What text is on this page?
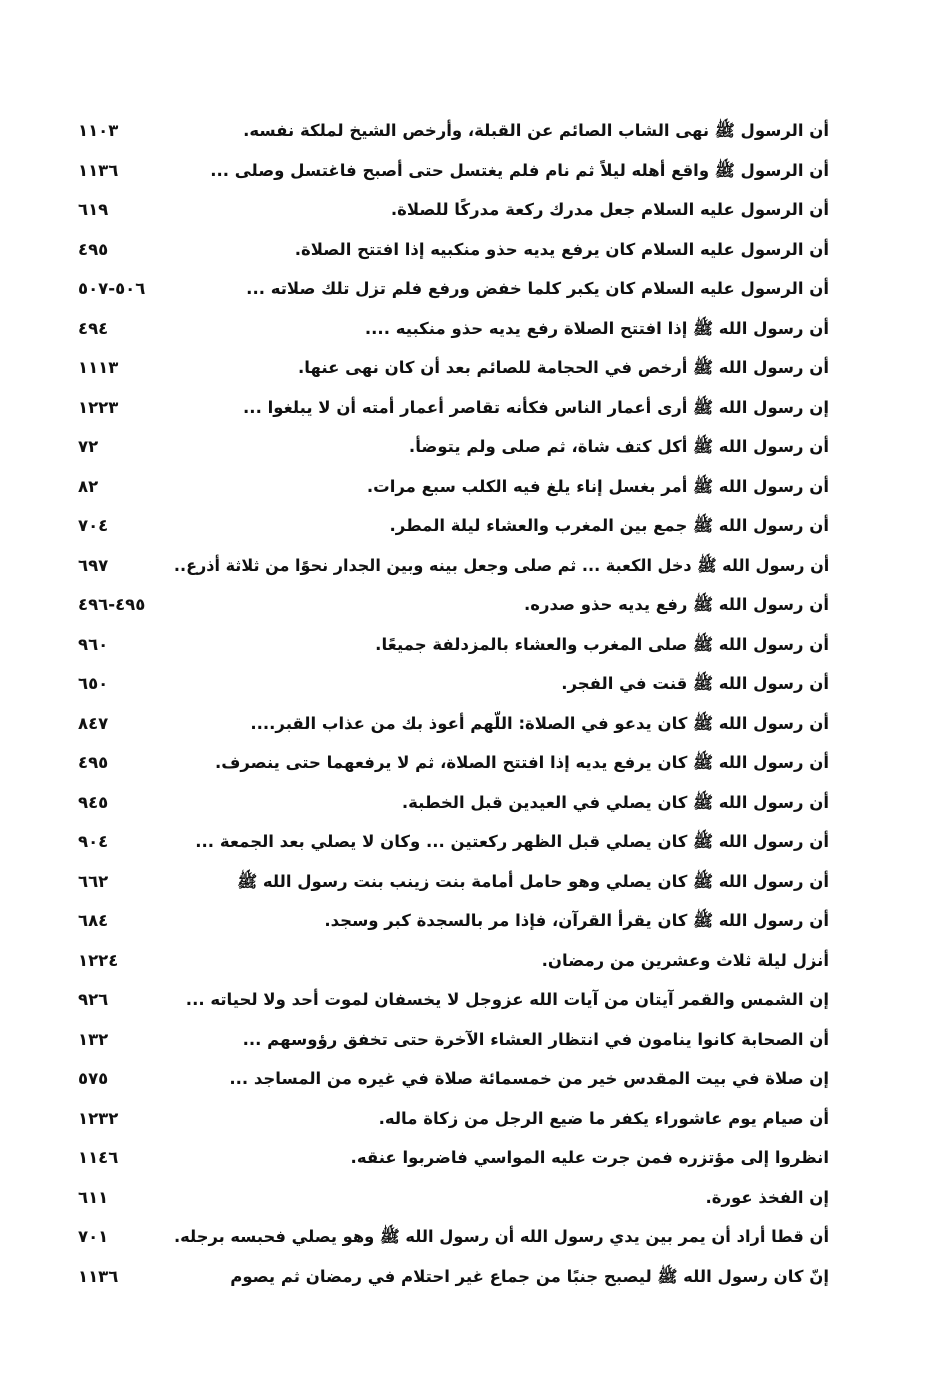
أن الرسول ﷺ نهى الشاب الصائم عن القبلة، وأرخص الشيخ لملكة نفسه.
١١٠٣
أن الرسول ﷺ واقع أهله ليلاً ثم نام فلم يغتسل حتى أصبح فاغتسل وصلى ...
١١٣٦
أن الرسول عليه السلام جعل مدرك ركعة مدركًا للصلاة.
٦١٩
أن الرسول عليه السلام كان يرفع يديه حذو منكبيه إذا افتتح الصلاة.
٤٩٥
أن الرسول عليه السلام كان يكبر كلما خفض ورفع فلم تزل تلك صلاته ...
٥٠٦-٥٠٧
أن رسول الله ﷺ إذا افتتح الصلاة رفع يديه حذو منكبيه ....
٤٩٤
أن رسول الله ﷺ أرخص في الحجامة للصائم بعد أن كان نهى عنها.
١١١٣
إن رسول الله ﷺ أرى أعمار الناس فكأنه تقاصر أعمار أمته أن لا يبلغوا ...
١٢٢٣
أن رسول الله ﷺ أكل كتف شاة، ثم صلى ولم يتوضأ.
٧٢
أن رسول الله ﷺ أمر بغسل إناء يلغ فيه الكلب سبع مرات.
٨٢
أن رسول الله ﷺ جمع بين المغرب والعشاء ليلة المطر.
٧٠٤
أن رسول الله ﷺ دخل الكعبة ... ثم صلى وجعل بينه وبين الجدار نحوًا من ثلاثة أذرع..
٦٩٧
أن رسول الله ﷺ رفع يديه حذو صدره.
٤٩٥-٤٩٦
أن رسول الله ﷺ صلى المغرب والعشاء بالمزدلفة جميعًا.
٩٦٠
أن رسول الله ﷺ قنت في الفجر.
٦٥٠
أن رسول الله ﷺ كان يدعو في الصلاة: اللّهم أعوذ بك من عذاب القبر....
٨٤٧
أن رسول الله ﷺ كان يرفع يديه إذا افتتح الصلاة، ثم لا يرفعهما حتى ينصرف.
٤٩٥
أن رسول الله ﷺ كان يصلي في العيدين قبل الخطبة.
٩٤٥
أن رسول الله ﷺ كان يصلي قبل الظهر ركعتين ... وكان لا يصلي بعد الجمعة ...
٩٠٤
أن رسول الله ﷺ كان يصلي وهو حامل أمامة بنت زينب بنت رسول الله ﷺ
٦٦٢
أن رسول الله ﷺ كان يقرأ القرآن، فإذا مر بالسجدة كبر وسجد.
٦٨٤
أنزل ليلة ثلاث وعشرين من رمضان.
١٢٢٤
إن الشمس والقمر آيتان من آيات الله عزوجل لا يخسفان لموت أحد ولا لحياته ...
٩٢٦
أن الصحابة كانوا ينامون في انتظار العشاء الآخرة حتى تخفق رؤوسهم ...
١٣٢
إن صلاة في بيت المقدس خير من خمسمائة صلاة في غيره من المساجد ...
٥٧٥
أن صيام يوم عاشوراء يكفر ما ضيع الرجل من زكاة ماله.
١٢٣٢
انظروا إلى مؤتزره فمن جرت عليه المواسي فاضربوا عنقه.
١١٤٦
إن الفخذ عورة.
٦١١
أن قطا أراد أن يمر بين يدي رسول الله أن رسول الله ﷺ وهو يصلي فحبسه برجله.
٧٠١
إنّ كان رسول الله ﷺ ليصبح جنبًا من جماع غير احتلام في رمضان ثم يصوم
١١٣٦
